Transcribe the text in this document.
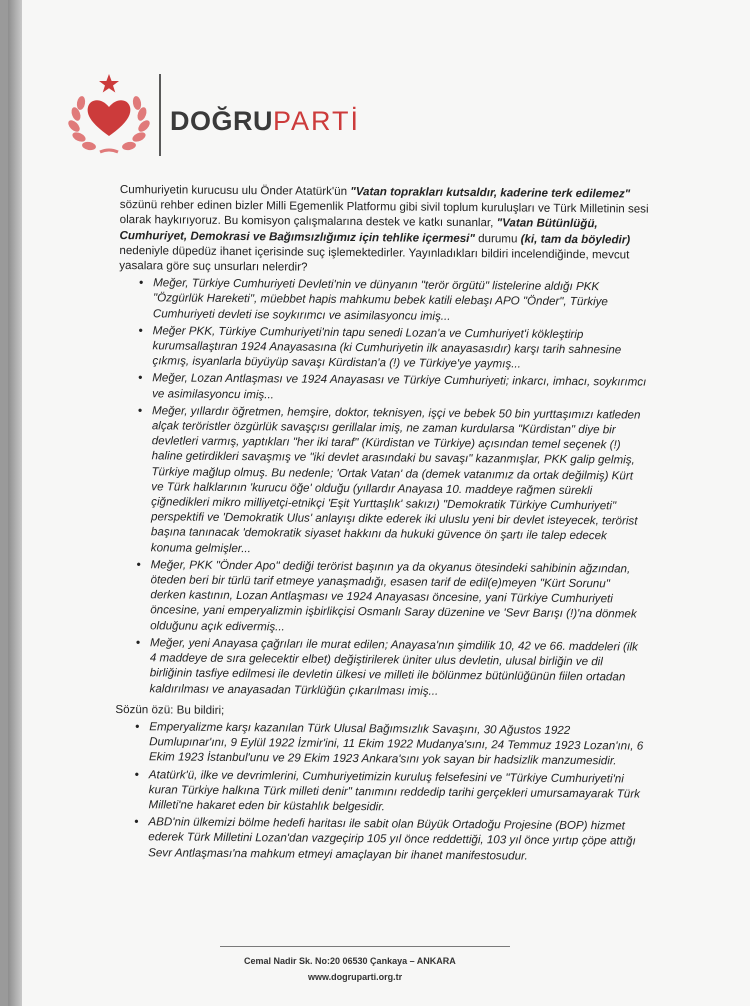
DOĞRUPARTİ

Cumhuriyetin kurucusu ulu Önder Atatürk'ün "Vatan toprakları kutsaldır, kaderine terk edilemez" sözünü rehber edinen bizler Milli Egemenlik Platformu gibi sivil toplum kuruluşları ve Türk Milletinin sesi olarak haykırıyoruz. Bu komisyon çalışmalarına destek ve katkı sunanlar, "Vatan Bütünlüğü, Cumhuriyet, Demokrasi ve Bağımsızlığımız için tehlike içermesi" durumu (ki, tam da böyledir) nedeniyle düpedüz ihanet içerisinde suç işlemektedirler. Yayınladıkları bildiri incelendiğinde, mevcut yasalara göre suç unsurları nelerdir?

• Meğer, Türkiye Cumhuriyeti Devleti'nin ve dünyanın "terör örgütü" listelerine aldığı PKK "Özgürlük Hareketi", müebbet hapis mahkumu bebek katili elebaşı APO "Önder", Türkiye Cumhuriyeti devleti ise soykırımcı ve asimilasyoncu imiş...
• Meğer PKK, Türkiye Cumhuriyeti'nin tapu senedi Lozan'a ve Cumhuriyet'i kökleştirip kurumsallaştıran 1924 Anayasasına (ki Cumhuriyetin ilk anayasasıdır) karşı tarih sahnesine çıkmış, isyanlarla büyüyüp savaşı Kürdistan'a (!) ve Türkiye'ye yaymış...
• Meğer, Lozan Antlaşması ve 1924 Anayasası ve Türkiye Cumhuriyeti; inkarcı, imhacı, soykırımcı ve asimilasyoncu imiş...
• Meğer, yıllardır öğretmen, hemşire, doktor, teknisyen, işçi ve bebek 50 bin yurttaşımızı katleden alçak teröristler özgürlük savaşçısı gerillalar imiş, ne zaman kurdularsa "Kürdistan" diye bir devletleri varmış, yaptıkları "her iki taraf" (Kürdistan ve Türkiye) açısından temel seçenek (!) haline getirdikleri savaşmış ve "iki devlet arasındaki bu savaşı" kazanmışlar, PKK galip gelmiş, Türkiye mağlup olmuş. Bu nedenle; 'Ortak Vatan' da (demek vatanımız da ortak değilmiş) Kürt ve Türk halklarının 'kurucu öğe' olduğu (yıllardır Anayasa 10. maddeye rağmen sürekli çiğnedikleri mikro milliyetçi-etnikçi 'Eşit Yurttaşlık' sakızı) "Demokratik Türkiye Cumhuriyeti" perspektifi ve 'Demokratik Ulus' anlayışı dikte ederek iki uluslu yeni bir devlet isteyecek, terörist başına tanınacak 'demokratik siyaset hakkını da hukuki güvence ön şartı ile talep edecek konuma gelmişler...
• Meğer, PKK "Önder Apo" dediği terörist başının ya da okyanus ötesindeki sahibinin ağzından, öteden beri bir türlü tarif etmeye yanaşmadığı, esasen tarif de edil(e)meyen "Kürt Sorunu" derken kastının, Lozan Antlaşması ve 1924 Anayasası öncesine, yani Türkiye Cumhuriyeti öncesine, yani emperyalizmin işbirlikçisi Osmanlı Saray düzenine ve 'Sevr Barışı (!)'na dönmek olduğunu açık edivermiş...
• Meğer, yeni Anayasa çağrıları ile murat edilen; Anayasa'nın şimdilik 10, 42 ve 66. maddeleri (ilk 4 maddeye de sıra gelecektir elbet) değiştirilerek üniter ulus devletin, ulusal birliğin ve dil birliğinin tasfiye edilmesi ile devletin ülkesi ve milleti ile bölünmez bütünlüğünün fiilen ortadan kaldırılması ve anayasadan Türklüğün çıkarılması imiş...

Sözün özü: Bu bildiri;

• Emperyalizme karşı kazanılan Türk Ulusal Bağımsızlık Savaşını, 30 Ağustos 1922 Dumlupınar'ını, 9 Eylül 1922 İzmir'ini, 11 Ekim 1922 Mudanya'sını, 24 Temmuz 1923 Lozan'ını, 6 Ekim 1923 İstanbul'unu ve 29 Ekim 1923 Ankara'sını yok sayan bir hadsizlik manzumesidir.
• Atatürk'ü, ilke ve devrimlerini, Cumhuriyetimizin kuruluş felsefesini ve "Türkiye Cumhuriyeti'ni kuran Türkiye halkına Türk milleti denir" tanımını reddedip tarihi gerçekleri umursamayarak Türk Milleti'ne hakaret eden bir küstahlık belgesidir.
• ABD'nin ülkemizi bölme hedefi haritası ile sabit olan Büyük Ortadoğu Projesine (BOP) hizmet ederek Türk Milletini Lozan'dan vazgeçirip 105 yıl önce reddettiği, 103 yıl önce yırtıp çöpe attığı Sevr Antlaşması'na mahkum etmeyi amaçlayan bir ihanet manifestosudur.
Cemal Nadir Sk. No:20 06530 Çankaya – ANKARA
www.dogruparti.org.tr
